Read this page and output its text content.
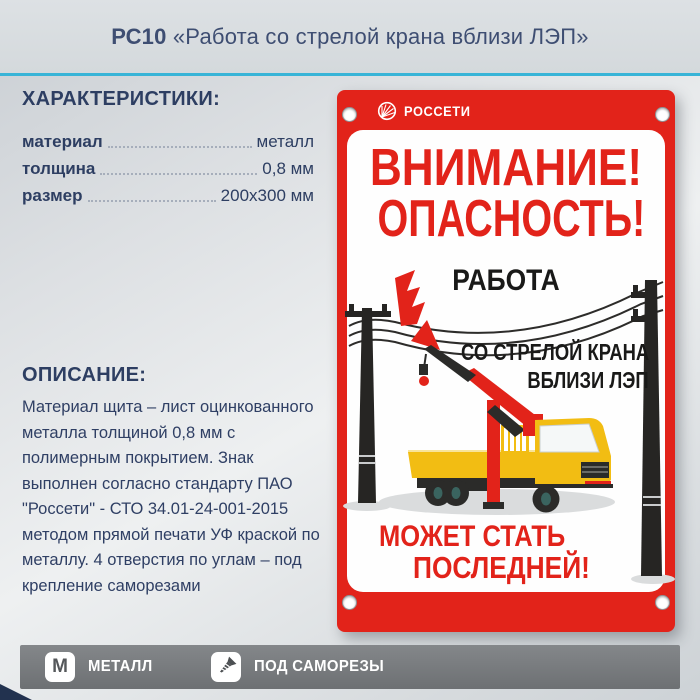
РС10 «Работа со стрелой крана вблизи ЛЭП»
ХАРАКТЕРИСТИКИ:
материал	металл
толщина	0,8 мм
размер	200x300 мм
ОПИСАНИЕ:

Материал щита – лист оцинкованного металла толщиной 0,8 мм с полимерным покрытием. Знак выполнен согласно стандарту ПАО "Россети" - СТО 34.01-24-001-2015 методом прямой печати УФ краской по металлу. 4 отверстия по углам – под крепление саморезами

РОССЕТИ
ВНИМАНИЕ!
ОПАСНОСТЬ!
РАБОТА
СО СТРЕЛОЙ КРАНА
ВБЛИЗИ ЛЭП
МОЖЕТ СТАТЬ
ПОСЛЕДНЕЙ!
М МЕТАЛЛ	ПОД САМОРЕЗЫ
